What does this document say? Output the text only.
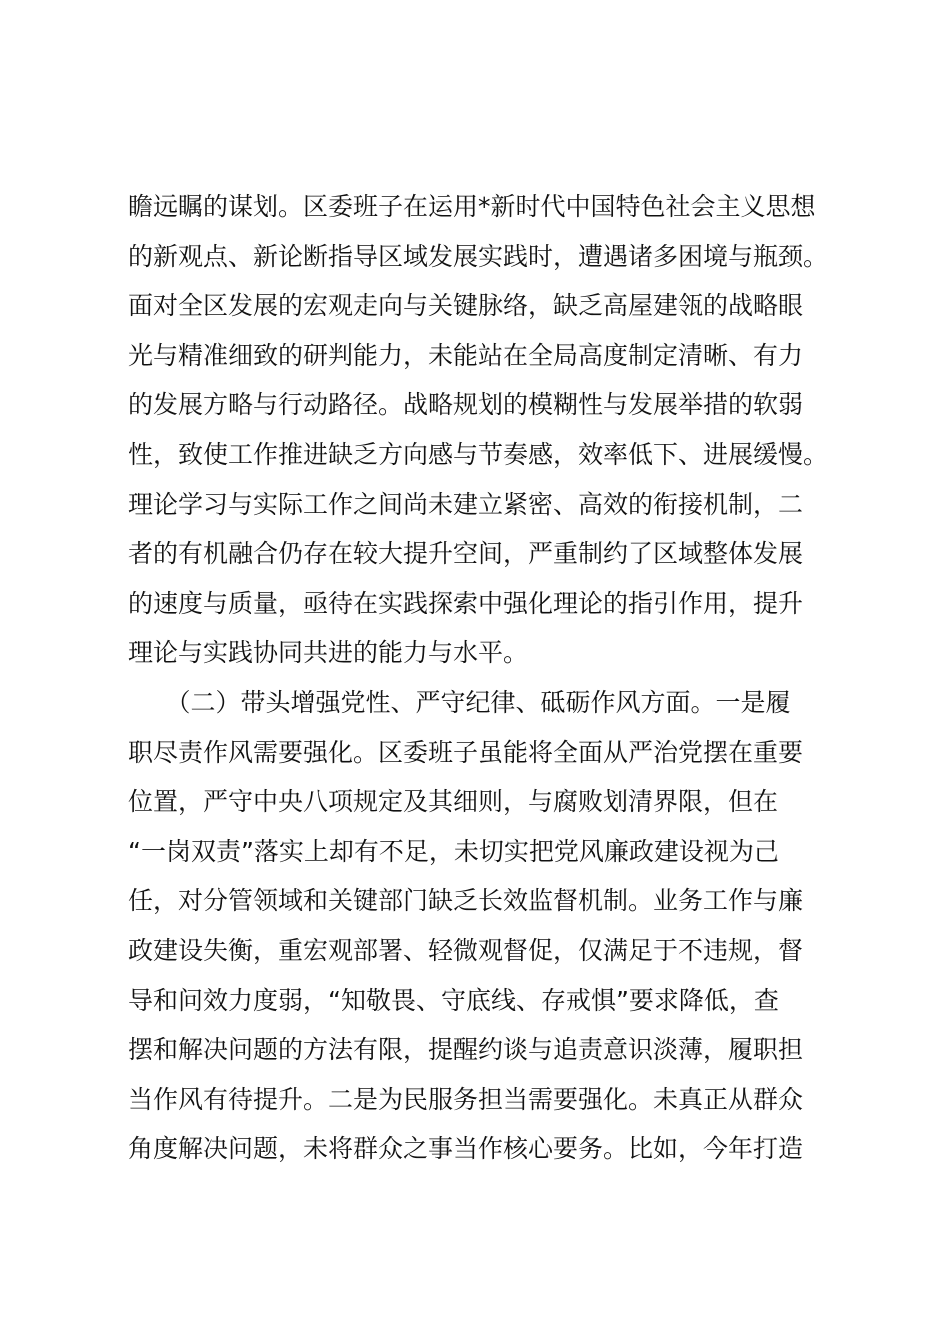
瞻远瞩的谋划。区委班子在运用*新时代中国特色社会主义思想
的新观点、新论断指导区域发展实践时，遭遇诸多困境与瓶颈。
面对全区发展的宏观走向与关键脉络，缺乏高屋建瓴的战略眼
光与精准细致的研判能力，未能站在全局高度制定清晰、有力
的发展方略与行动路径。战略规划的模糊性与发展举措的软弱
性，致使工作推进缺乏方向感与节奏感，效率低下、进展缓慢。
理论学习与实际工作之间尚未建立紧密、高效的衔接机制，二
者的有机融合仍存在较大提升空间，严重制约了区域整体发展
的速度与质量，亟待在实践探索中强化理论的指引作用，提升
理论与实践协同共进的能力与水平。
　　（二）带头增强党性、严守纪律、砥砺作风方面。一是履
职尽责作风需要强化。区委班子虽能将全面从严治党摆在重要
位置，严守中央八项规定及其细则，与腐败划清界限，但在
“一岗双责”落实上却有不足，未切实把党风廉政建设视为己
任，对分管领域和关键部门缺乏长效监督机制。业务工作与廉
政建设失衡，重宏观部署、轻微观督促，仅满足于不违规，督
导和问效力度弱，“知敬畏、守底线、存戒惧”要求降低，查
摆和解决问题的方法有限，提醒约谈与追责意识淡薄，履职担
当作风有待提升。二是为民服务担当需要强化。未真正从群众
角度解决问题，未将群众之事当作核心要务。比如，今年打造
